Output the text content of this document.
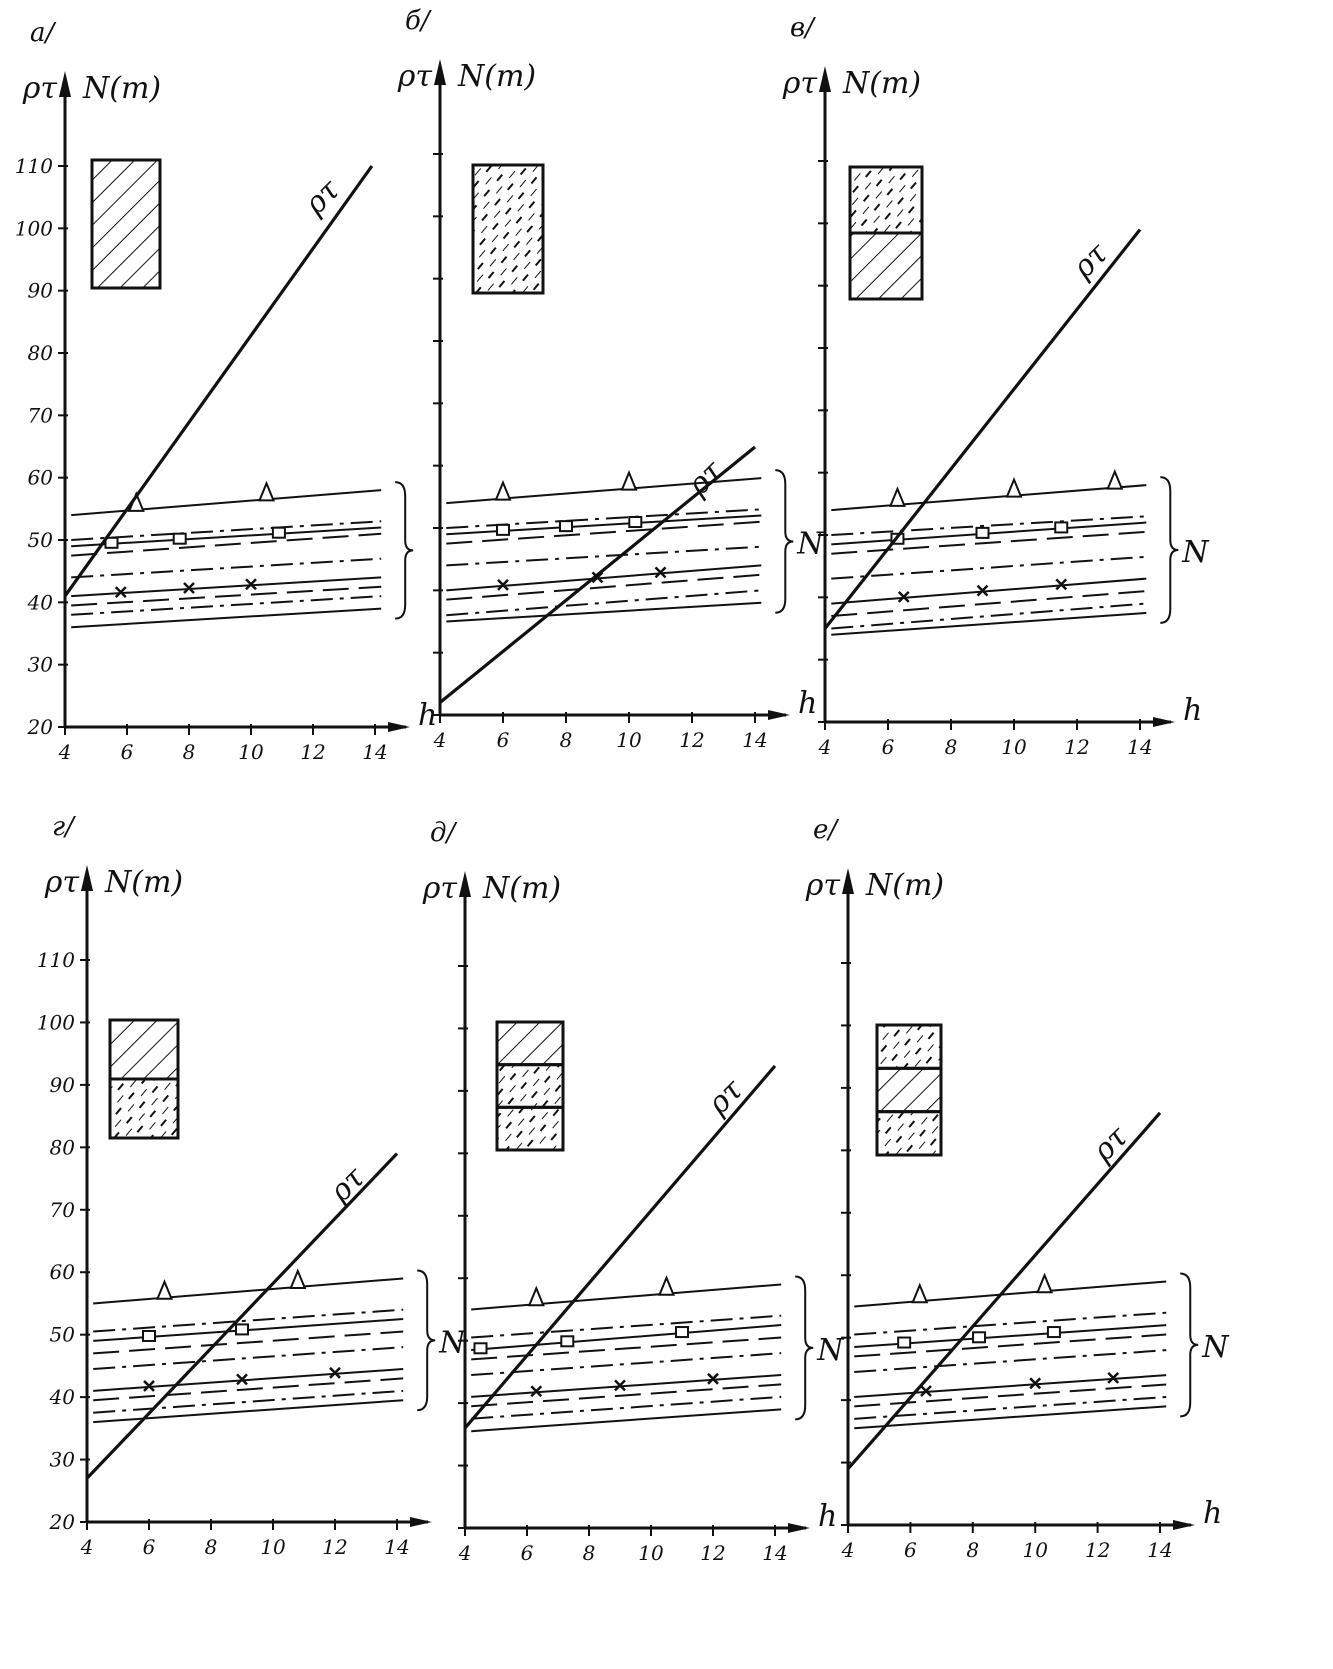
20
30
40
50
60
70
80
90
100
110
4 6 8 10 12 14
а/
ρτ N(т)
h
ρτ
4	6	8 10 12 14
б/
ρτ N(т)
h
N
ρτ
4	6	8 10 12 14
в/
ρτ N(т)
h
N
ρτ
20
30
40
50
60
70
80
90
100
110
4 6 8 10 12 14
г/
ρτ N(т)
N
ρτ
4 6 8 10 12 14
д/
ρτ N(т)
h
N
ρτ
4 6 8 10 12 14
е/
ρτ N(т)
h
N
ρτ
